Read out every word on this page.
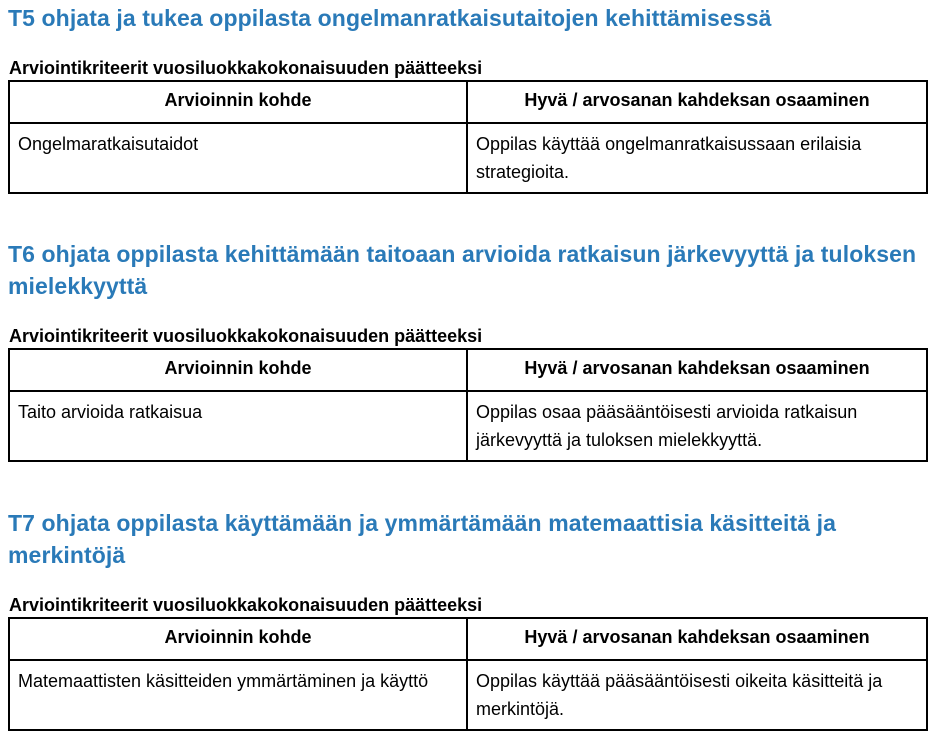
T5 ohjata ja tukea oppilasta ongelmanratkaisutaitojen kehittämisessä

Arviointikriteerit vuosiluokkakokonaisuuden päätteeksi

Arvioinnin kohde	Hyvä / arvosanan kahdeksan osaaminen
Ongelmaratkaisutaidot	Oppilas käyttää ongelmanratkaisussaan erilaisia strategioita.
T6 ohjata oppilasta kehittämään taitoaan arvioida ratkaisun järkevyyttä ja tuloksen mielekkyyttä

Arviointikriteerit vuosiluokkakokonaisuuden päätteeksi

Arvioinnin kohde	Hyvä / arvosanan kahdeksan osaaminen
Taito arvioida ratkaisua	Oppilas osaa pääsääntöisesti arvioida ratkaisun järkevyyttä ja tuloksen mielekkyyttä.
T7 ohjata oppilasta käyttämään ja ymmärtämään matemaattisia käsitteitä ja merkintöjä

Arviointikriteerit vuosiluokkakokonaisuuden päätteeksi

Arvioinnin kohde	Hyvä / arvosanan kahdeksan osaaminen
Matemaattisten käsitteiden ymmärtäminen ja käyttö	Oppilas käyttää pääsääntöisesti oikeita käsitteitä ja merkintöjä.
